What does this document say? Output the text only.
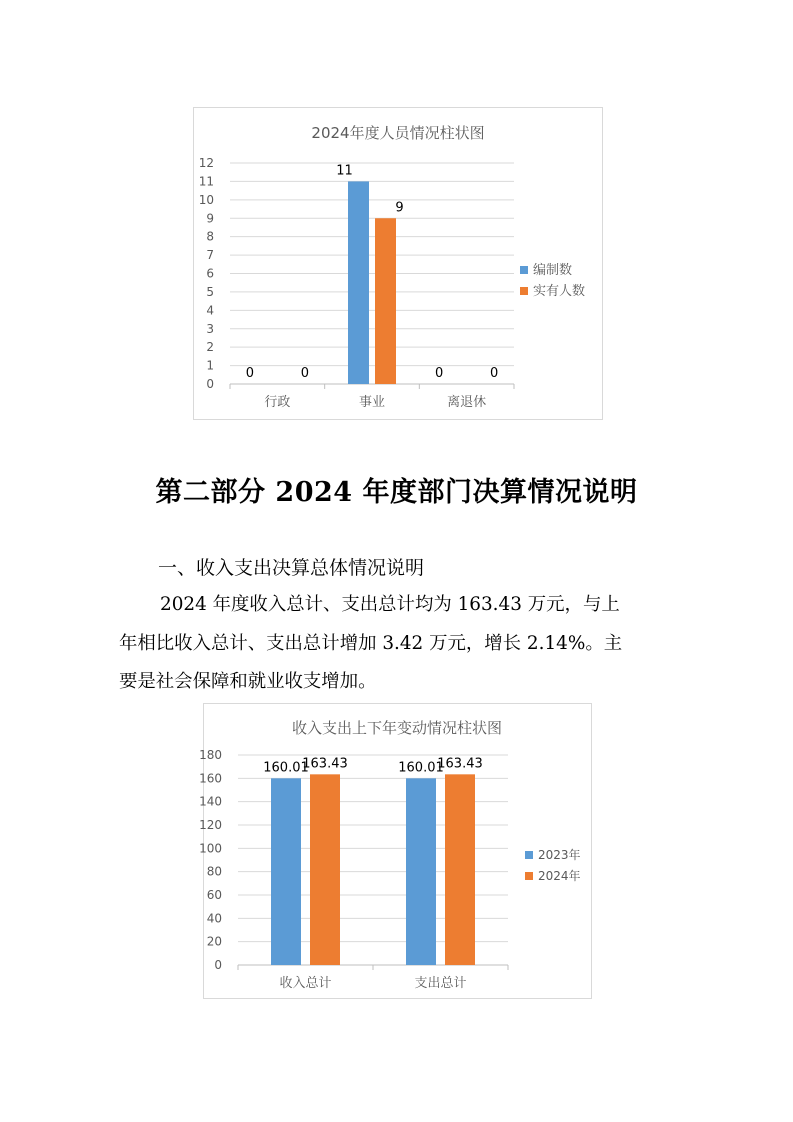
2024年度人员情况柱状图
0
1
2
3
4
5
6
7
8
9
10
11
12
行政
0	0
事业
11
9
离退休
0	0
编制数
实有人数
第二部分 2024 年度部门决算情况说明
一、收入支出决算总体情况说明
2024 年度收入总计、支出总计均为 163.43 万元，与上
年相比收入总计、支出总计增加 3.42 万元，增长 2.14%。主
要是社会保障和就业收支增加。
收入支出上下年变动情况柱状图
0
20
40
60
80
100
120
140
160
180
收入总计
160.01
163.43
支出总计
160.01
163.43
2023年
2024年
